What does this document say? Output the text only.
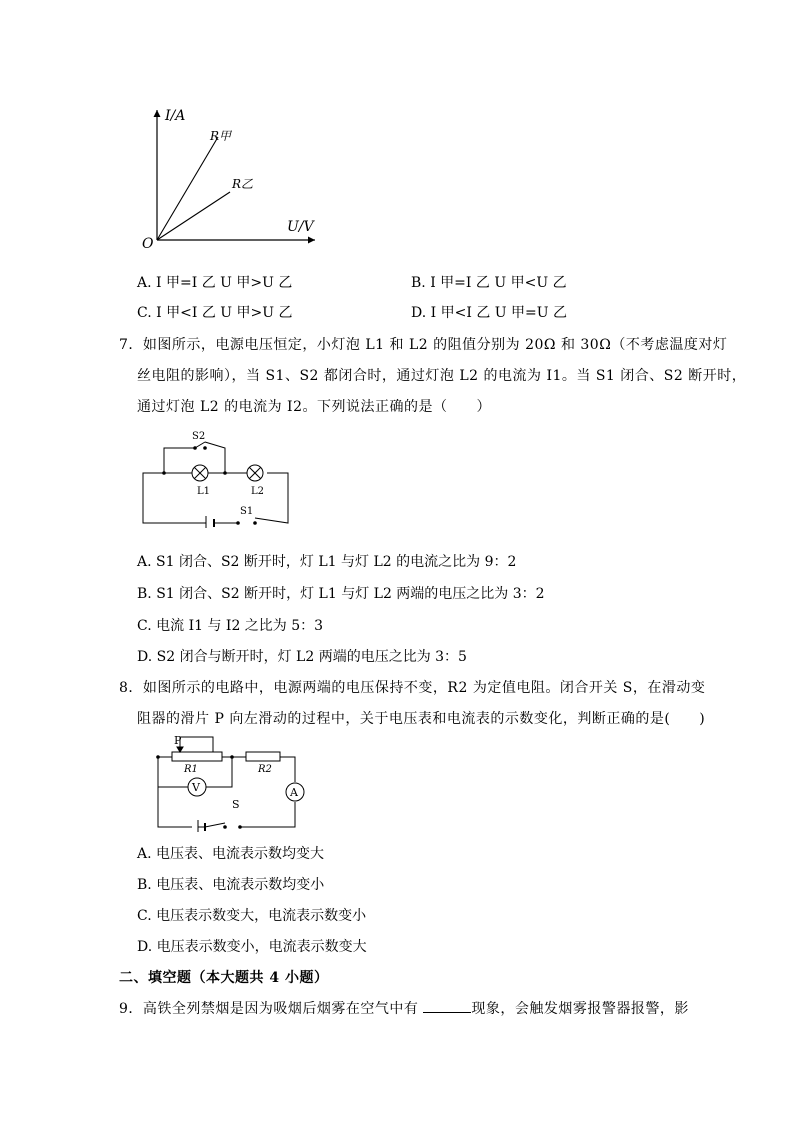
I/A
U/V
O
R甲
R乙
A. I 甲=I 乙 U 甲>U 乙	B. I 甲=I 乙 U 甲<U 乙
C. I 甲<I 乙 U 甲>U 乙	D. I 甲<I 乙 U 甲=U 乙
7．如图所示，电源电压恒定，小灯泡 L1 和 L2 的阻值分别为 20Ω 和 30Ω（不考虑温度对灯
丝电阻的影响），当 S1、S2 都闭合时，通过灯泡 L2 的电流为 I1。当 S1 闭合、S2 断开时，
通过灯泡 L2 的电流为 I2。下列说法正确的是（　　）
S2
L1	L2
S1
A. S1 闭合、S2 断开时，灯 L1 与灯 L2 的电流之比为 9：2
B. S1 闭合、S2 断开时，灯 L1 与灯 L2 两端的电压之比为 3：2
C. 电流 I1 与 I2 之比为 5：3
D. S2 闭合与断开时，灯 L2 两端的电压之比为 3：5
8．如图所示的电路中，电源两端的电压保持不变，R2 为定值电阻。闭合开关 S，在滑动变
阻器的滑片 P 向左滑动的过程中，关于电压表和电流表的示数变化，判断正确的是(　　)
V	A
P
R1	R2
S
A. 电压表、电流表示数均变大
B. 电压表、电流表示数均变小
C. 电压表示数变大，电流表示数变小
D. 电压表示数变小，电流表示数变大
二、填空题（本大题共 4 小题）
9．高铁全列禁烟是因为吸烟后烟雾在空气中有	现象，会触发烟雾报警器报警，影
